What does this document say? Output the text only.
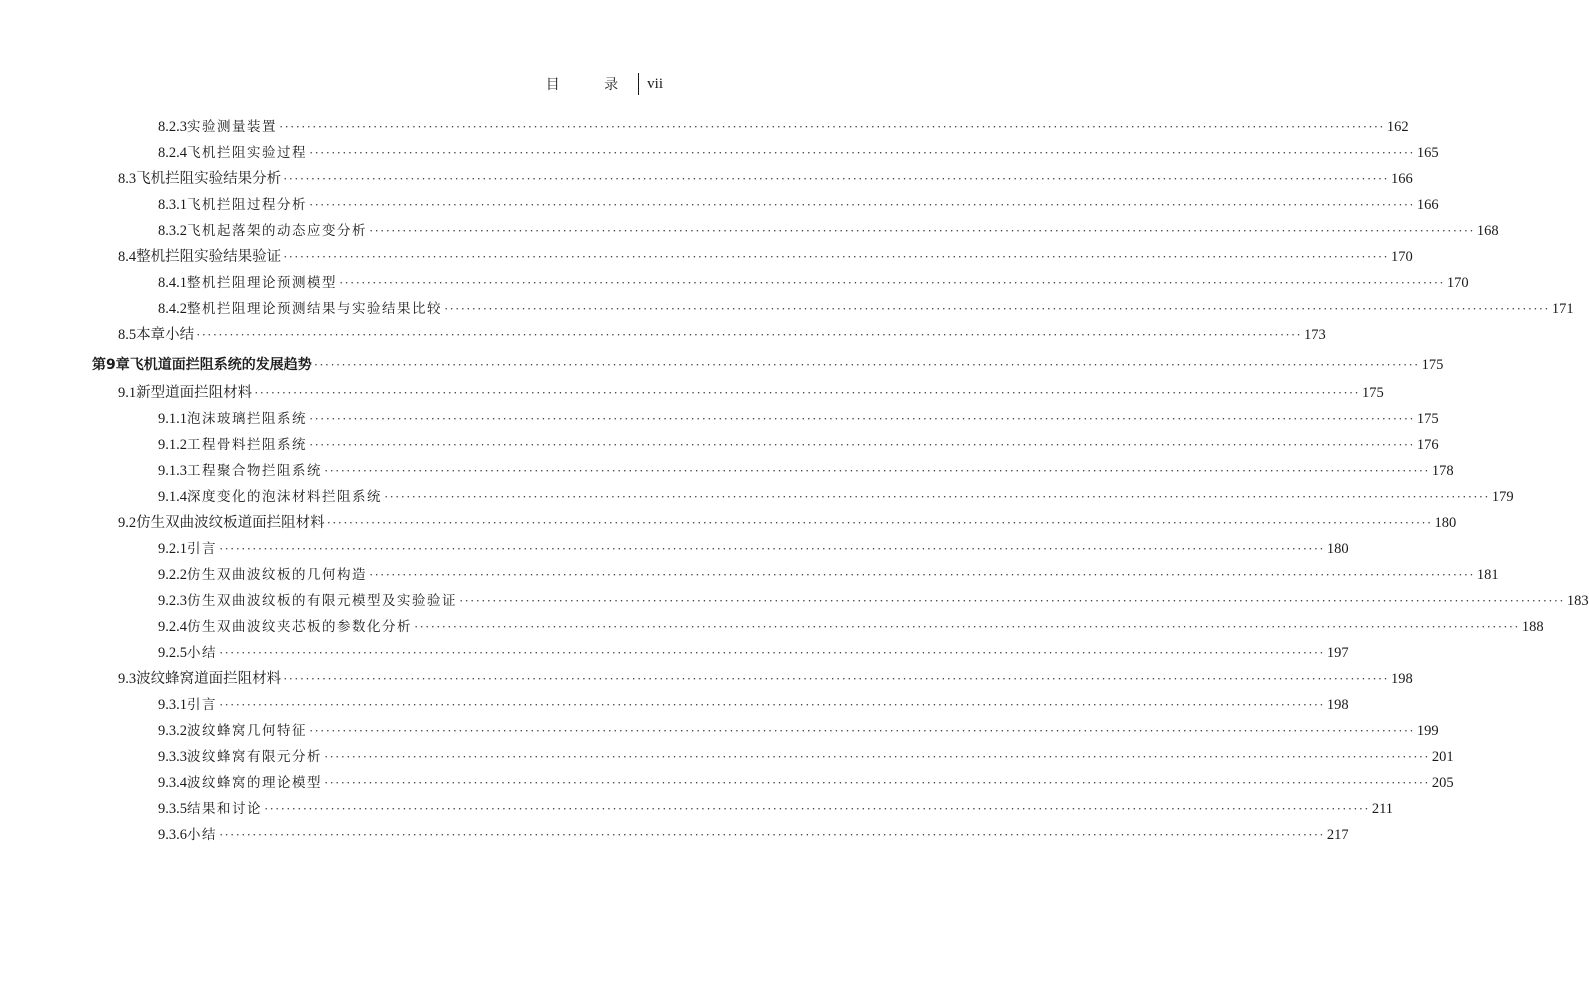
目 录 vii
8.2.3 实验测量装置 ········································································································································································································ 162
8.2.4 飞机拦阻实验过程 ········································································································································································································ 165
8.3 飞机拦阻实验结果分析 ········································································································································································································ 166
8.3.1 飞机拦阻过程分析 ········································································································································································································ 166
8.3.2 飞机起落架的动态应变分析 ········································································································································································································ 168
8.4 整机拦阻实验结果验证 ········································································································································································································ 170
8.4.1 整机拦阻理论预测模型 ········································································································································································································ 170
8.4.2 整机拦阻理论预测结果与实验结果比较 ········································································································································································································ 171
8.5 本章小结 ········································································································································································································ 173
第9章 飞机道面拦阻系统的发展趋势 ········································································································································································································ 175
9.1 新型道面拦阻材料 ········································································································································································································ 175
9.1.1 泡沫玻璃拦阻系统 ········································································································································································································ 175
9.1.2 工程骨料拦阻系统 ········································································································································································································ 176
9.1.3 工程聚合物拦阻系统 ········································································································································································································ 178
9.1.4 深度变化的泡沫材料拦阻系统 ········································································································································································································ 179
9.2 仿生双曲波纹板道面拦阻材料 ········································································································································································································ 180
9.2.1 引言 ········································································································································································································ 180
9.2.2 仿生双曲波纹板的几何构造 ········································································································································································································ 181
9.2.3 仿生双曲波纹板的有限元模型及实验验证 ········································································································································································································ 183
9.2.4 仿生双曲波纹夹芯板的参数化分析 ········································································································································································································ 188
9.2.5 小结 ········································································································································································································ 197
9.3 波纹蜂窝道面拦阻材料 ········································································································································································································ 198
9.3.1 引言 ········································································································································································································ 198
9.3.2 波纹蜂窝几何特征 ········································································································································································································ 199
9.3.3 波纹蜂窝有限元分析 ········································································································································································································ 201
9.3.4 波纹蜂窝的理论模型 ········································································································································································································ 205
9.3.5 结果和讨论 ········································································································································································································ 211
9.3.6 小结 ········································································································································································································ 217
